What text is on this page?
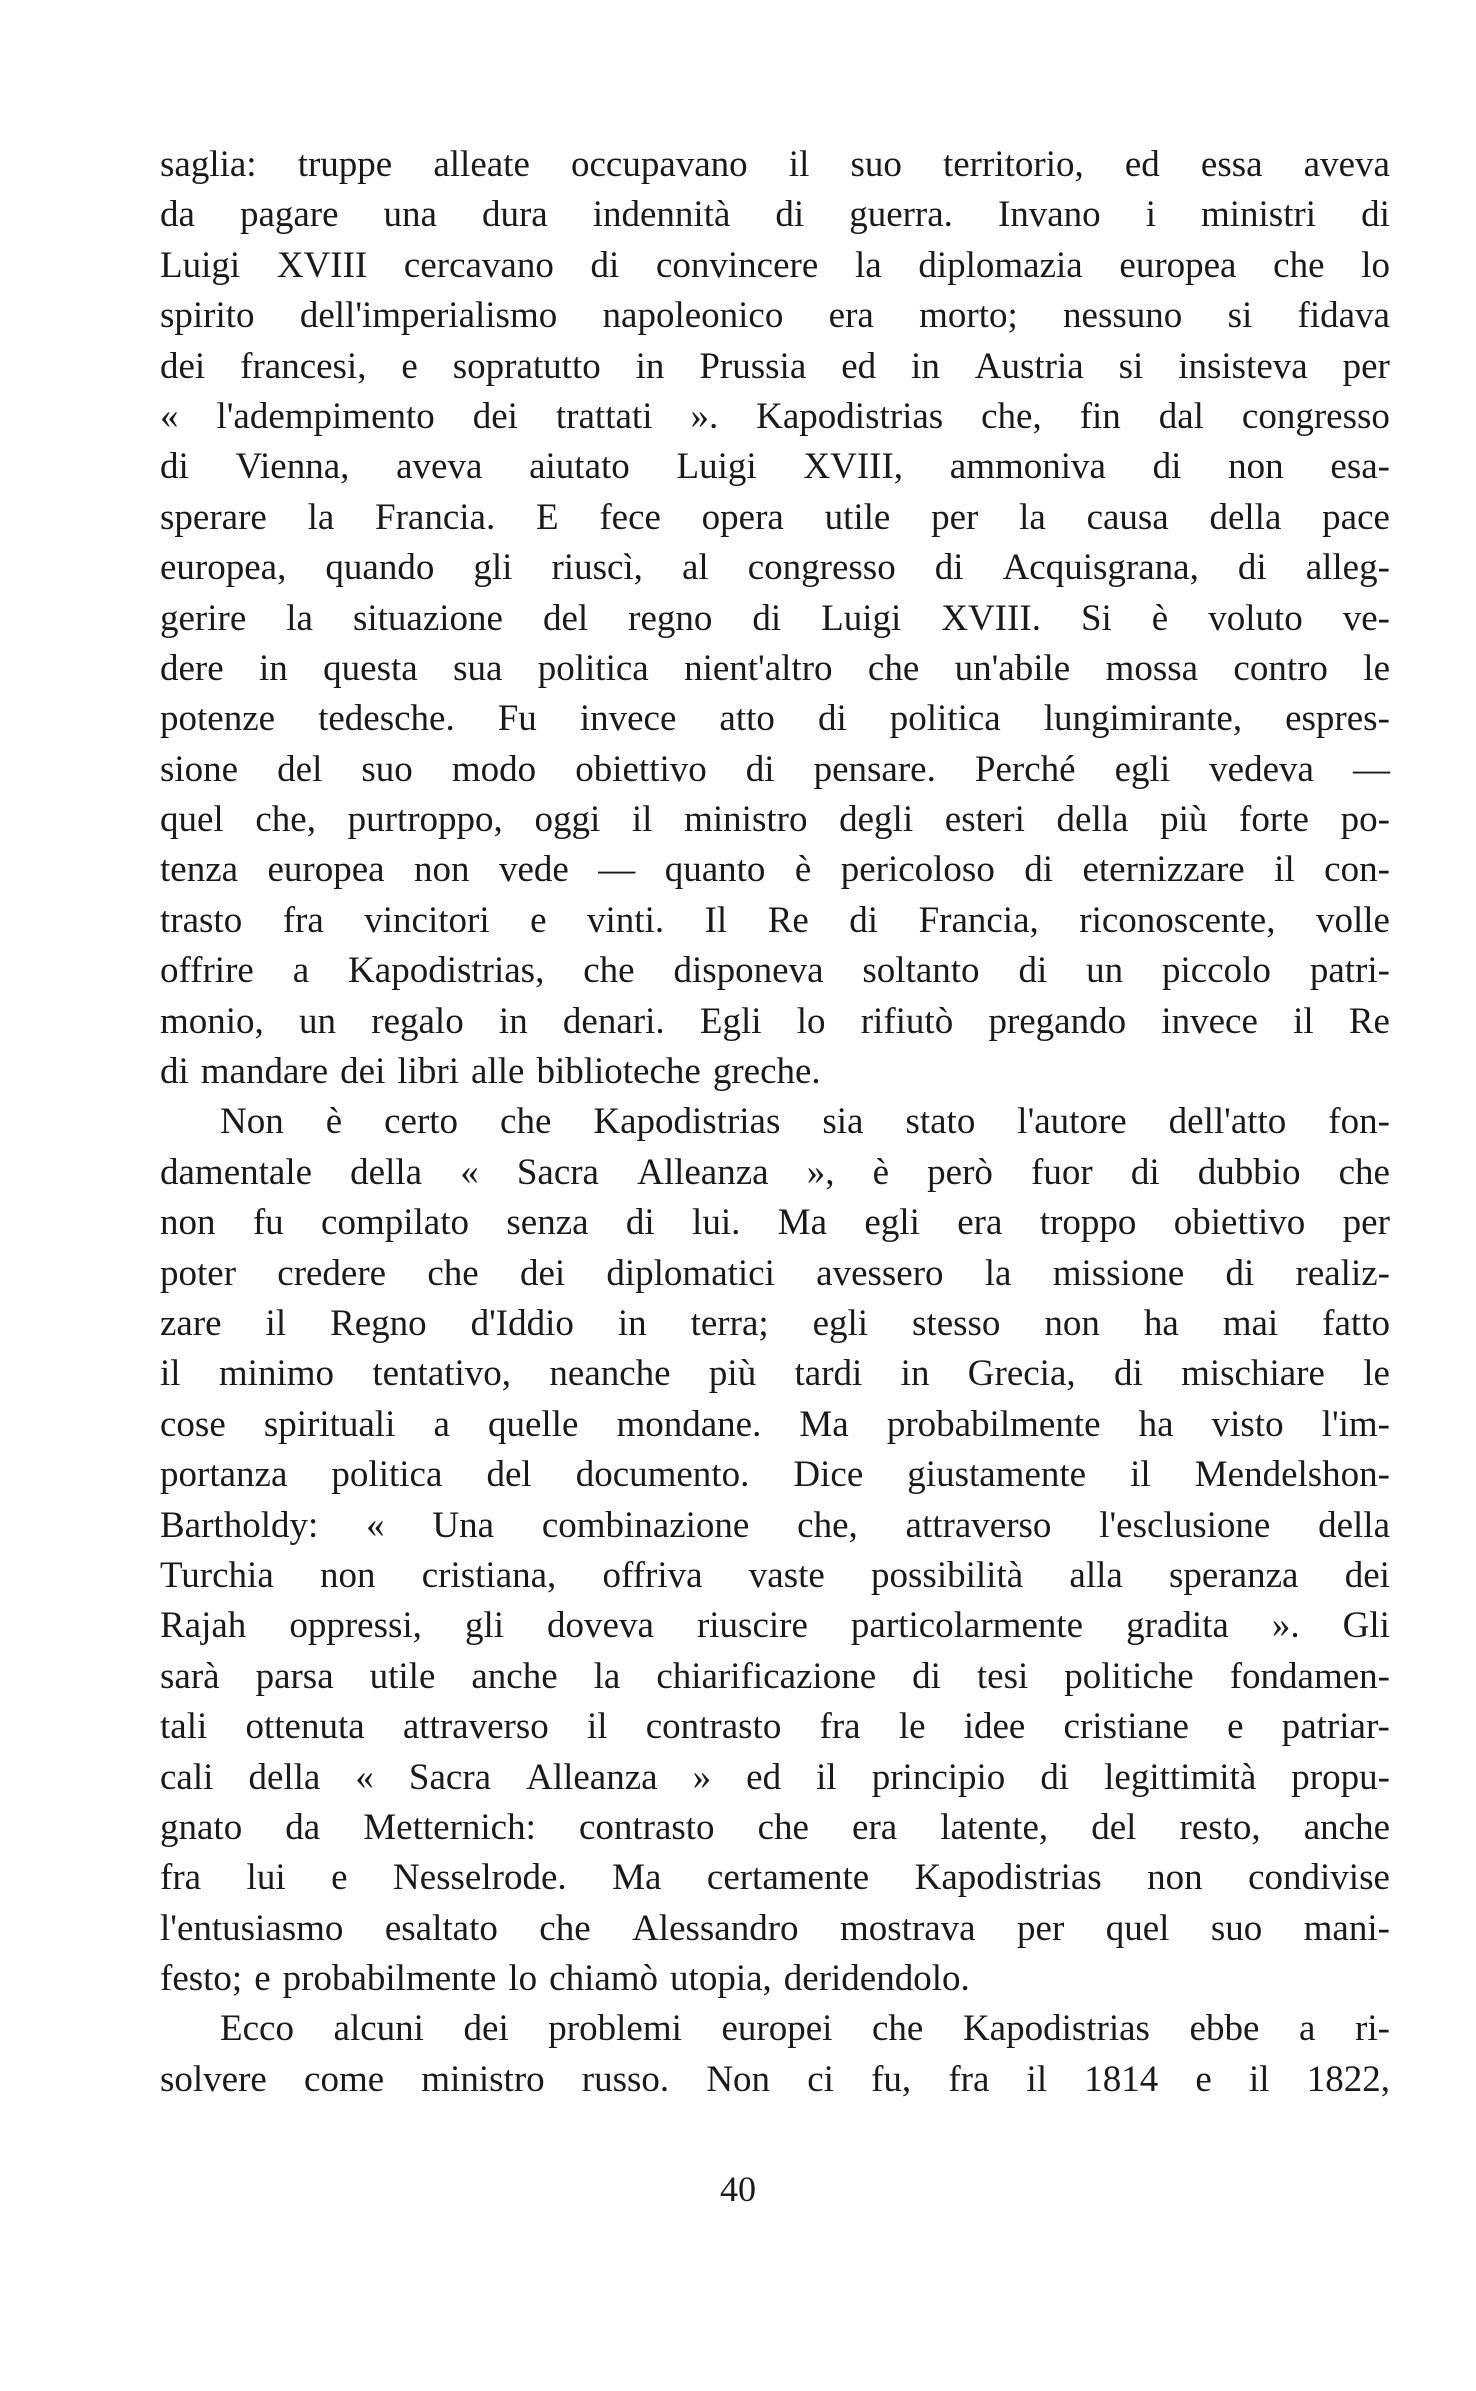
saglia: truppe alleate occupavano il suo territorio, ed essa aveva
da pagare una dura indennità di guerra. Invano i ministri di
Luigi XVIII cercavano di convincere la diplomazia europea che lo
spirito dell'imperialismo napoleonico era morto; nessuno si fidava
dei francesi, e sopratutto in Prussia ed in Austria si insisteva per
« l'adempimento dei trattati ». Kapodistrias che, fin dal congresso
di Vienna, aveva aiutato Luigi XVIII, ammoniva di non esa-
sperare la Francia. E fece opera utile per la causa della pace
europea, quando gli riuscì, al congresso di Acquisgrana, di alleg-
gerire la situazione del regno di Luigi XVIII. Si è voluto ve-
dere in questa sua politica nient'altro che un'abile mossa contro le
potenze tedesche. Fu invece atto di politica lungimirante, espres-
sione del suo modo obiettivo di pensare. Perché egli vedeva —
quel che, purtroppo, oggi il ministro degli esteri della più forte po-
tenza europea non vede — quanto è pericoloso di eternizzare il con-
trasto fra vincitori e vinti. Il Re di Francia, riconoscente, volle
offrire a Kapodistrias, che disponeva soltanto di un piccolo patri-
monio, un regalo in denari. Egli lo rifiutò pregando invece il Re
di mandare dei libri alle biblioteche greche.
Non è certo che Kapodistrias sia stato l'autore dell'atto fon-
damentale della « Sacra Alleanza », è però fuor di dubbio che
non fu compilato senza di lui. Ma egli era troppo obiettivo per
poter credere che dei diplomatici avessero la missione di realiz-
zare il Regno d'Iddio in terra; egli stesso non ha mai fatto
il minimo tentativo, neanche più tardi in Grecia, di mischiare le
cose spirituali a quelle mondane. Ma probabilmente ha visto l'im-
portanza politica del documento. Dice giustamente il Mendelshon-
Bartholdy: « Una combinazione che, attraverso l'esclusione della
Turchia non cristiana, offriva vaste possibilità alla speranza dei
Rajah oppressi, gli doveva riuscire particolarmente gradita ». Gli
sarà parsa utile anche la chiarificazione di tesi politiche fondamen-
tali ottenuta attraverso il contrasto fra le idee cristiane e patriar-
cali della « Sacra Alleanza » ed il principio di legittimità propu-
gnato da Metternich: contrasto che era latente, del resto, anche
fra lui e Nesselrode. Ma certamente Kapodistrias non condivise
l'entusiasmo esaltato che Alessandro mostrava per quel suo mani-
festo; e probabilmente lo chiamò utopia, deridendolo.
Ecco alcuni dei problemi europei che Kapodistrias ebbe a ri-
solvere come ministro russo. Non ci fu, fra il 1814 e il 1822,
40
